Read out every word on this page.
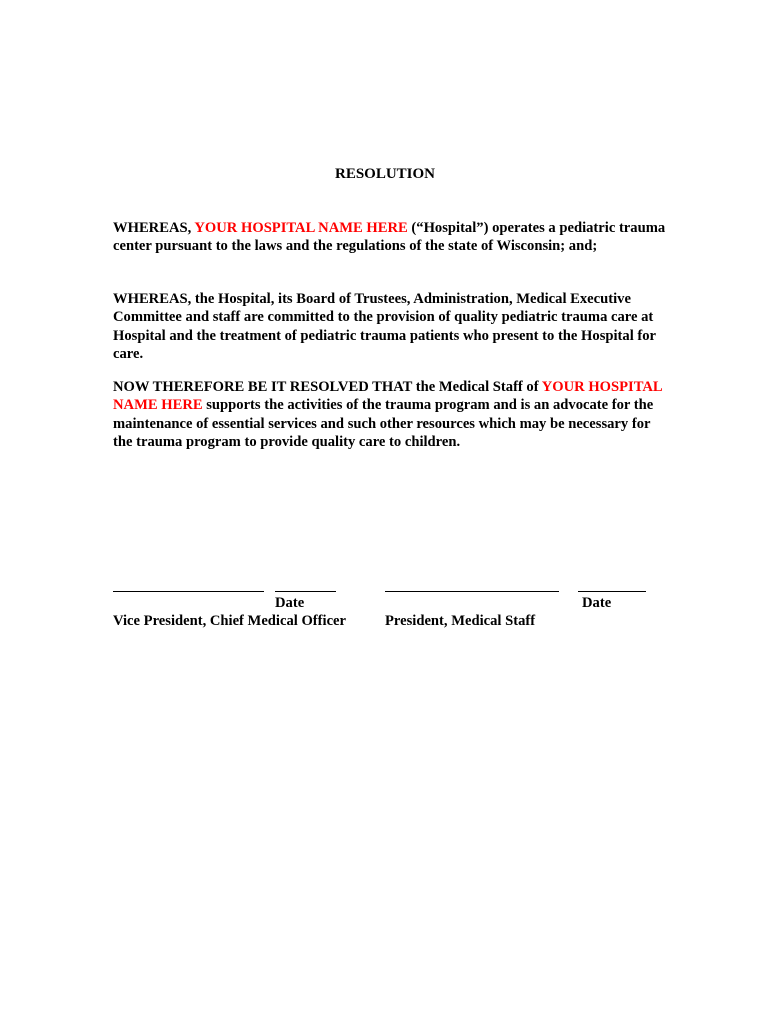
RESOLUTION

WHEREAS, YOUR HOSPITAL NAME HERE (“Hospital”) operates a pediatric trauma center pursuant to the laws and the regulations of the state of Wisconsin; and;

WHEREAS, the Hospital, its Board of Trustees, Administration, Medical Executive Committee and staff are committed to the provision of quality pediatric trauma care at Hospital and the treatment of pediatric trauma patients who present to the Hospital for care.

NOW THEREFORE BE IT RESOLVED THAT the Medical Staff of YOUR HOSPITAL NAME HERE supports the activities of the trauma program and is an advocate for the maintenance of essential services and such other resources which may be necessary for the trauma program to provide quality care to children.

Date	Date
Vice President, Chief Medical Officer	President, Medical Staff
